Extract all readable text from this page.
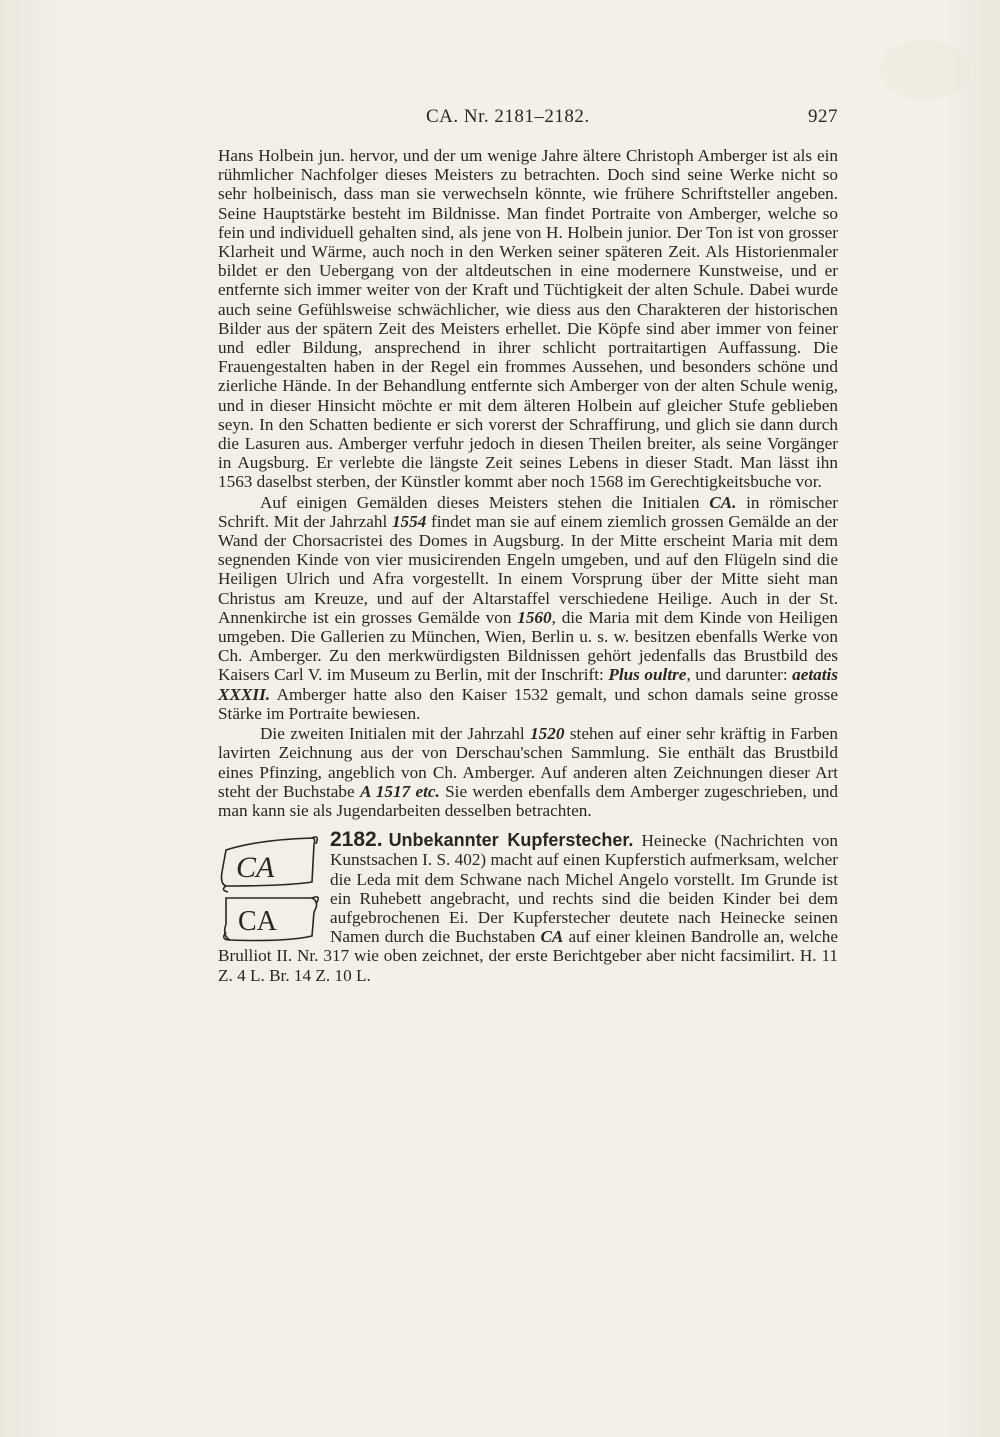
CA. Nr. 2181–2182.	927

Hans Holbein jun. hervor, und der um wenige Jahre ältere Christoph Amberger ist als ein rühmlicher Nachfolger dieses Meisters zu betrachten. Doch sind seine Werke nicht so sehr holbeinisch, dass man sie verwechseln könnte, wie frühere Schriftsteller angeben. Seine Hauptstärke besteht im Bildnisse. Man findet Portraite von Amberger, welche so fein und individuell gehalten sind, als jene von H. Holbein junior. Der Ton ist von grosser Klarheit und Wärme, auch noch in den Werken seiner späteren Zeit. Als Historienmaler bildet er den Uebergang von der altdeutschen in eine modernere Kunstweise, und er entfernte sich immer weiter von der Kraft und Tüchtigkeit der alten Schule. Dabei wurde auch seine Gefühlsweise schwächlicher, wie diess aus den Charakteren der historischen Bilder aus der spätern Zeit des Meisters erhellet. Die Köpfe sind aber immer von feiner und edler Bildung, ansprechend in ihrer schlicht portraitartigen Auffassung. Die Frauengestalten haben in der Regel ein frommes Aussehen, und besonders schöne und zierliche Hände. In der Behandlung entfernte sich Amberger von der alten Schule wenig, und in dieser Hinsicht möchte er mit dem älteren Holbein auf gleicher Stufe geblieben seyn. In den Schatten bediente er sich vorerst der Schraffirung, und glich sie dann durch die Lasuren aus. Amberger verfuhr jedoch in diesen Theilen breiter, als seine Vorgänger in Augsburg. Er verlebte die längste Zeit seines Lebens in dieser Stadt. Man lässt ihn 1563 daselbst sterben, der Künstler kommt aber noch 1568 im Gerechtigkeitsbuche vor.

Auf einigen Gemälden dieses Meisters stehen die Initialen CA. in römischer Schrift. Mit der Jahrzahl 1554 findet man sie auf einem ziemlich grossen Gemälde an der Wand der Chorsacristei des Domes in Augsburg. In der Mitte erscheint Maria mit dem segnenden Kinde von vier musicirenden Engeln umgeben, und auf den Flügeln sind die Heiligen Ulrich und Afra vorgestellt. In einem Vorsprung über der Mitte sieht man Christus am Kreuze, und auf der Altarstaffel verschiedene Heilige. Auch in der St. Annenkirche ist ein grosses Gemälde von 1560, die Maria mit dem Kinde von Heiligen umgeben. Die Gallerien zu München, Wien, Berlin u. s. w. besitzen ebenfalls Werke von Ch. Amberger. Zu den merkwürdigsten Bildnissen gehört jedenfalls das Brustbild des Kaisers Carl V. im Museum zu Berlin, mit der Inschrift: Plus oultre, und darunter: aetatis XXXII. Amberger hatte also den Kaiser 1532 gemalt, und schon damals seine grosse Stärke im Portraite bewiesen.

Die zweiten Initialen mit der Jahrzahl 1520 stehen auf einer sehr kräftig in Farben lavirten Zeichnung aus der von Derschau'schen Sammlung. Sie enthält das Brustbild eines Pfinzing, angeblich von Ch. Amberger. Auf anderen alten Zeichnungen dieser Art steht der Buchstabe A 1517 etc. Sie werden ebenfalls dem Amberger zugeschrieben, und man kann sie als Jugendarbeiten desselben betrachten.

2182. Unbekannter Kupferstecher.
CA
CA
Heinecke (Nachrichten von Kunstsachen I. S. 402) macht auf einen Kupferstich aufmerksam, welcher die Leda mit dem Schwane nach Michel Angelo vorstellt. Im Grunde ist ein Ruhebett angebracht, und rechts sind die beiden Kinder bei dem aufgebrochenen Ei. Der Kupferstecher deutete nach Heinecke seinen Namen durch die Buchstaben CA auf einer kleinen Bandrolle an, welche Brulliot II. Nr. 317 wie oben zeichnet, der erste Berichtgeber aber nicht facsimilirt. H. 11 Z. 4 L. Br. 14 Z. 10 L.
